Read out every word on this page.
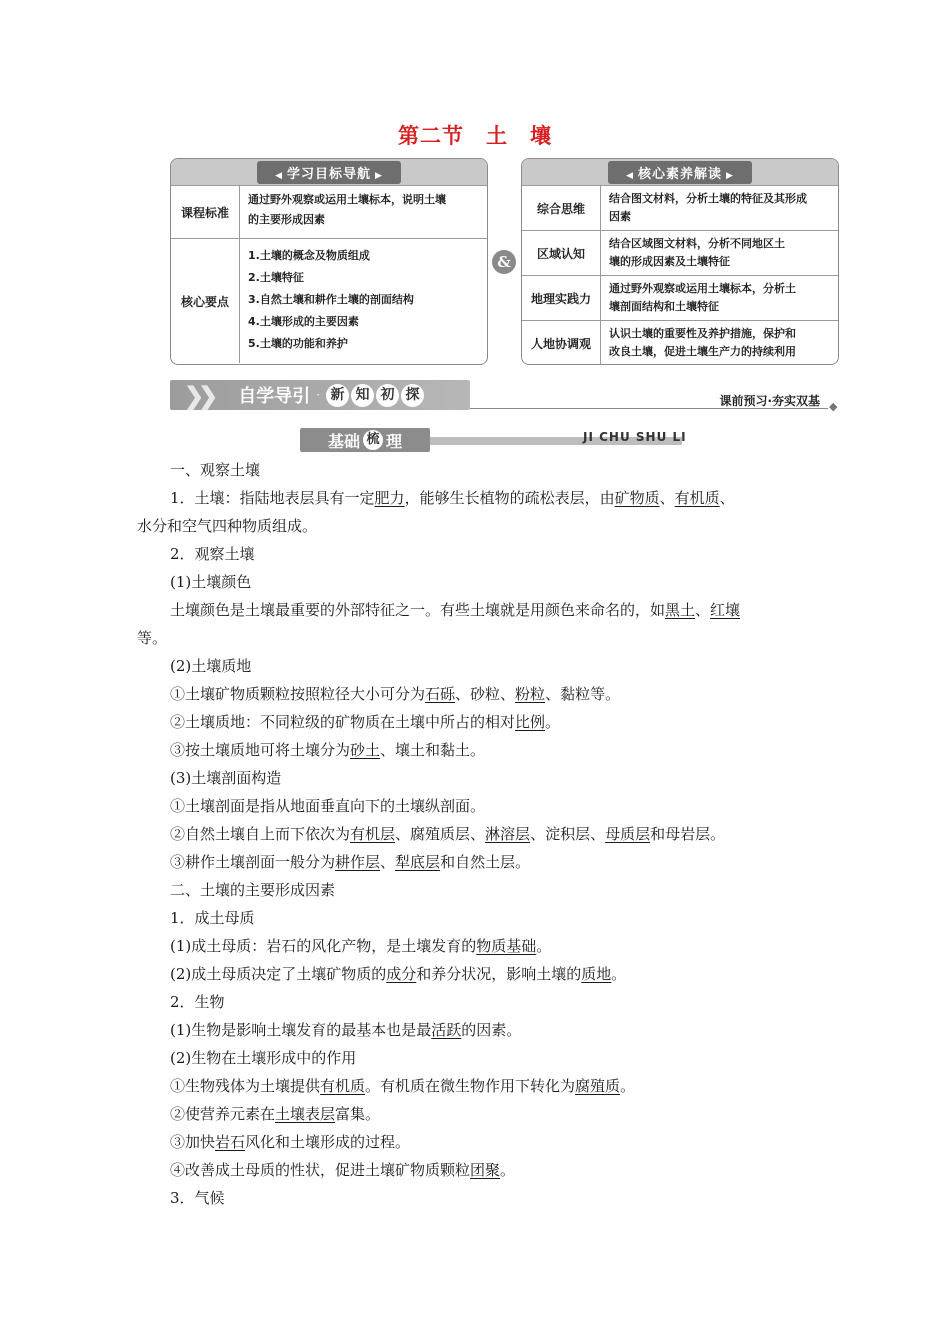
第二节　土　壤
◀ 学习目标导航 ▶
课程标准
通过野外观察或运用土壤标本，说明土壤
的主要形成因素
核心要点
1.土壤的概念及物质组成
2.土壤特征
3.自然土壤和耕作土壤的剖面结构
4.土壤形成的主要因素
5.土壤的功能和养护
&
◀ 核心素养解读 ▶
综合思维
结合图文材料，分析土壤的特征及其形成
因素
区域认知
结合区域图文材料，分析不同地区土
壤的形成因素及土壤特征
地理实践力
通过野外观察或运用土壤标本，分析土
壤剖面结构和土壤特征
人地协调观
认识土壤的重要性及养护措施，保护和
改良土壤，促进土壤生产力的持续利用
❯❯ 自学导引 · 新 知 初 探	课前预习·夯实双基 ◆
基础 梳 理	JI CHU SHU LI

一、观察土壤

1．土壤：指陆地表层具有一定肥力，能够生长植物的疏松表层，由矿物质、有机质、

水分和空气四种物质组成。

2．观察土壤

(1)土壤颜色

土壤颜色是土壤最重要的外部特征之一。有些土壤就是用颜色来命名的，如黑土、红壤

等。

(2)土壤质地

①土壤矿物质颗粒按照粒径大小可分为石砾、砂粒、粉粒、黏粒等。

②土壤质地：不同粒级的矿物质在土壤中所占的相对比例。

③按土壤质地可将土壤分为砂土、壤土和黏土。

(3)土壤剖面构造

①土壤剖面是指从地面垂直向下的土壤纵剖面。

②自然土壤自上而下依次为有机层、腐殖质层、淋溶层、淀积层、母质层和母岩层。

③耕作土壤剖面一般分为耕作层、犁底层和自然土层。

二、土壤的主要形成因素

1．成土母质

(1)成土母质：岩石的风化产物，是土壤发育的物质基础。

(2)成土母质决定了土壤矿物质的成分和养分状况，影响土壤的质地。

2．生物

(1)生物是影响土壤发育的最基本也是最活跃的因素。

(2)生物在土壤形成中的作用

①生物残体为土壤提供有机质。有机质在微生物作用下转化为腐殖质。

②使营养元素在土壤表层富集。

③加快岩石风化和土壤形成的过程。

④改善成土母质的性状，促进土壤矿物质颗粒团聚。

3．气候
